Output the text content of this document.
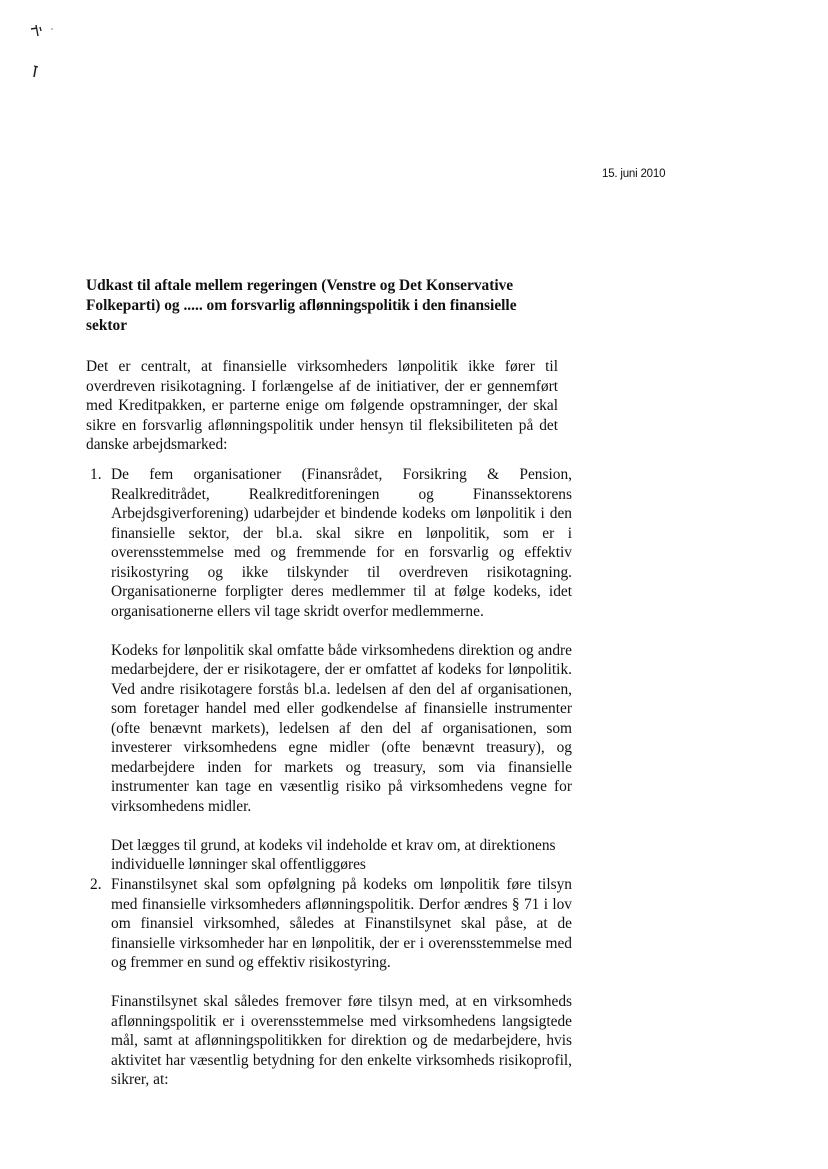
15. juni 2010
Udkast til aftale mellem regeringen (Venstre og Det Konservative Folkeparti) og ..... om forsvarlig aflønningspolitik i den finansielle sektor

Det er centralt, at finansielle virksomheders lønpolitik ikke fører til overdreven risikotagning. I forlængelse af de initiativer, der er gennemført med Kreditpakken, er parterne enige om følgende opstramninger, der skal sikre en forsvarlig aflønningspolitik under hensyn til fleksibiliteten på det danske arbejdsmarked:

1. De fem organisationer (Finansrådet, Forsikring & Pension, Realkreditrådet, Realkreditforeningen og Finanssektorens Arbejdsgiverforening) udarbejder et bindende kodeks om lønpolitik i den finansielle sektor, der bl.a. skal sikre en lønpolitik, som er i overensstemmelse med og fremmende for en forsvarlig og effektiv risikostyring og ikke tilskynder til overdreven risikotagning. Organisationerne forpligter deres medlemmer til at følge kodeks, idet organisationerne ellers vil tage skridt overfor medlemmerne.

Kodeks for lønpolitik skal omfatte både virksomhedens direktion og andre medarbejdere, der er risikotagere, der er omfattet af kodeks for lønpolitik. Ved andre risikotagere forstås bl.a. ledelsen af den del af organisationen, som foretager handel med eller godkendelse af finansielle instrumenter (ofte benævnt markets), ledelsen af den del af organisationen, som investerer virksomhedens egne midler (ofte benævnt treasury), og medarbejdere inden for markets og treasury, som via finansielle instrumenter kan tage en væsentlig risiko på virksomhedens vegne for virksomhedens midler.

Det lægges til grund, at kodeks vil indeholde et krav om, at direktionens individuelle lønninger skal offentliggøres

2. Finanstilsynet skal som opfølgning på kodeks om lønpolitik føre tilsyn med finansielle virksomheders aflønningspolitik. Derfor ændres § 71 i lov om finansiel virksomhed, således at Finanstilsynet skal påse, at de finansielle virksomheder har en lønpolitik, der er i overensstemmelse med og fremmer en sund og effektiv risikostyring.

Finanstilsynet skal således fremover føre tilsyn med, at en virksomheds aflønningspolitik er i overensstemmelse med virksomhedens langsigtede mål, samt at aflønningspolitikken for direktion og de medarbejdere, hvis aktivitet har væsentlig betydning for den enkelte virksomheds risikoprofil, sikrer, at:
